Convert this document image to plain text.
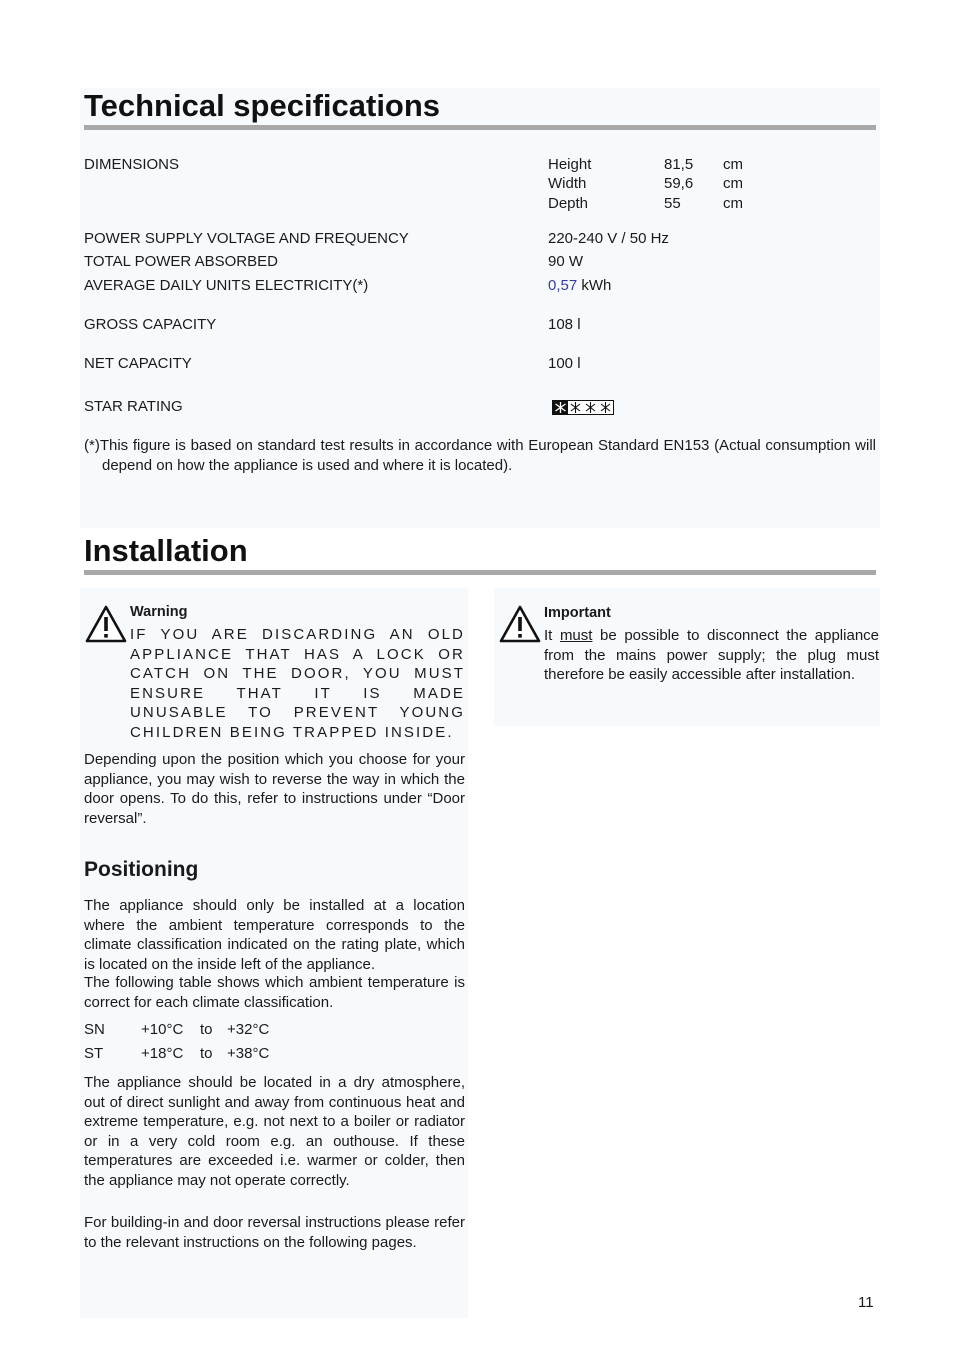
Technical specifications
DIMENSIONS	Height	81,5 cm
Width	59,6 cm
Depth	55	cm
POWER SUPPLY VOLTAGE AND FREQUENCY	220-240 V / 50 Hz
TOTAL POWER ABSORBED	90 W
AVERAGE DAILY UNITS ELECTRICITY(*)	0,57 kWh
GROSS CAPACITY	108 l
NET CAPACITY	100 l
STAR RATING
(*)This figure is based on standard test results in accordance with European Standard EN153 (Actual consumption will depend on how the appliance is used and where it is located).
Installation
Warning
IF YOU ARE DISCARDING AN OLD APPLIANCE THAT HAS A LOCK OR CATCH ON THE DOOR, YOU MUST ENSURE THAT IT IS MADE UNUSABLE TO PREVENT YOUNG CHILDREN BEING TRAPPED INSIDE.
Depending upon the position which you choose for your appliance, you may wish to reverse the way in which the door opens. To do this, refer to instructions under “Door reversal”.
Important
It must be possible to disconnect the appliance from the mains power supply; the plug must therefore be easily accessible after installation.
Positioning
The appliance should only be installed at a location where the ambient temperature corresponds to the climate classification indicated on the rating plate, which is located on the inside left of the appliance.
The following table shows which ambient temperature is correct for each climate classification.
SN +10°C to +32°C
ST	+18°C to +38°C
The appliance should be located in a dry atmosphere, out of direct sunlight and away from continuous heat and extreme temperature, e.g. not next to a boiler or radiator or in a very cold room e.g. an outhouse. If these temperatures are exceeded i.e. warmer or colder, then the appliance may not operate correctly.
For building-in and door reversal instructions please refer to the relevant instructions on the following pages.
11
